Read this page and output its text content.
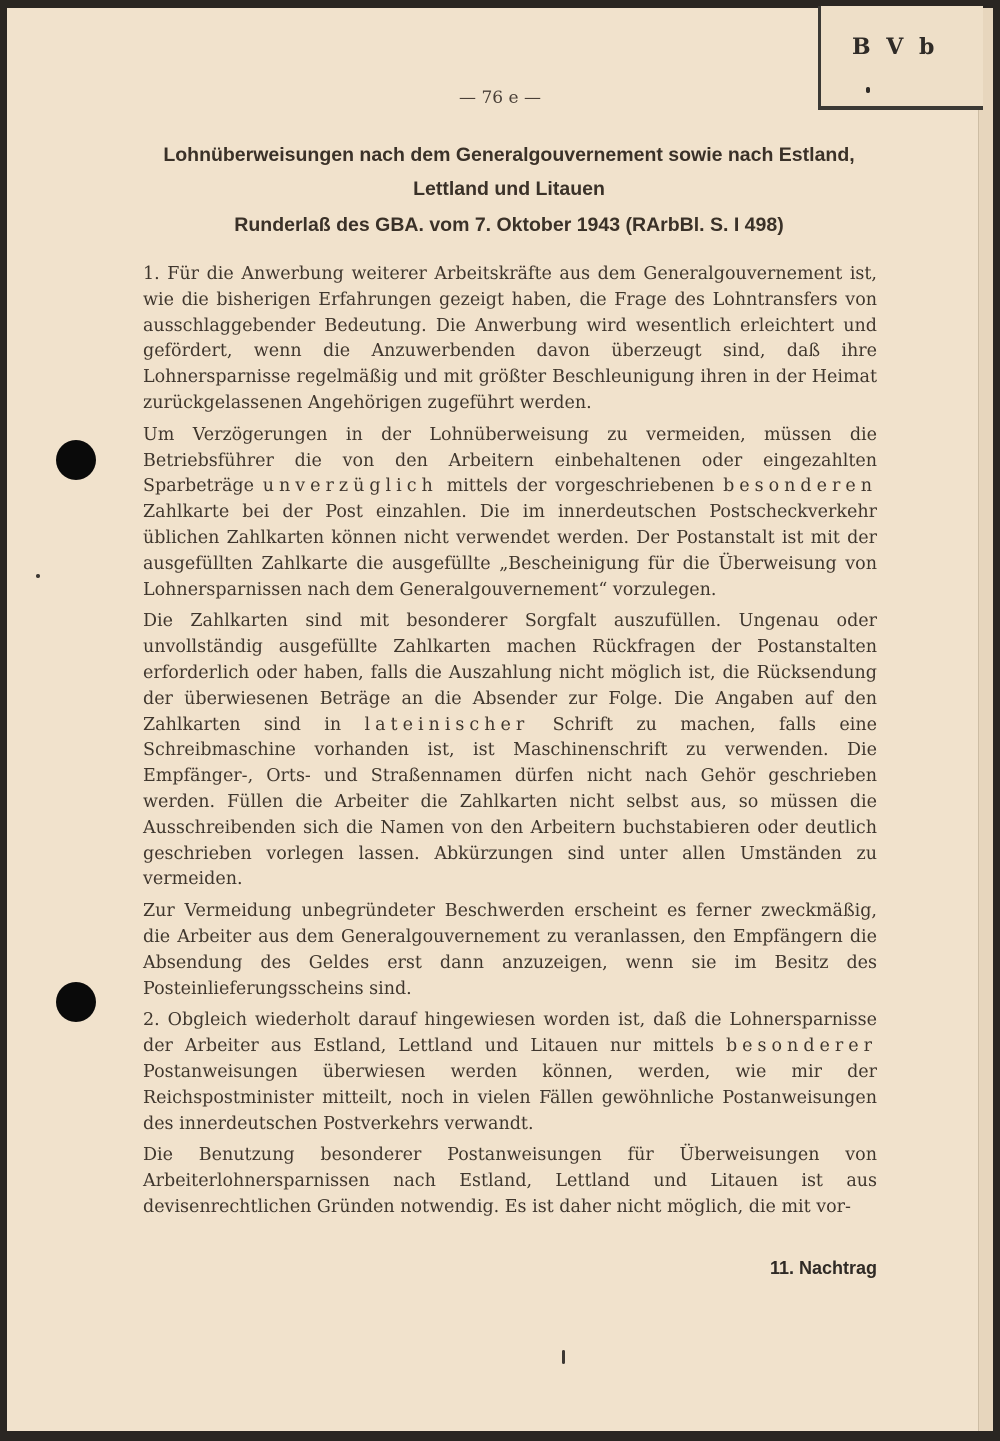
B V b
— 76 e —
Lohnüberweisungen nach dem Generalgouvernement sowie nach Estland,
Lettland und Litauen
Runderlaß des GBA. vom 7. Oktober 1943 (RArbBl. S. I 498)

1. Für die Anwerbung weiterer Arbeitskräfte aus dem Generalgouvernement ist, wie die bisherigen Erfahrungen gezeigt haben, die Frage des Lohntransfers von ausschlaggebender Bedeutung. Die Anwerbung wird wesentlich erleichtert und gefördert, wenn die Anzuwerbenden davon überzeugt sind, daß ihre Lohnersparnisse regelmäßig und mit größter Beschleunigung ihren in der Heimat zurückgelassenen Angehörigen zugeführt werden.

Um Verzögerungen in der Lohnüberweisung zu vermeiden, müssen die Betriebsführer die von den Arbeitern einbehaltenen oder eingezahlten Sparbeträge unverzüglich mittels der vorgeschriebenen besonderen Zahlkarte bei der Post einzahlen. Die im innerdeutschen Postscheckverkehr üblichen Zahlkarten können nicht verwendet werden. Der Postanstalt ist mit der ausgefüllten Zahlkarte die ausgefüllte „Bescheinigung für die Überweisung von Lohnersparnissen nach dem Generalgouvernement“ vorzulegen.

Die Zahlkarten sind mit besonderer Sorgfalt auszufüllen. Ungenau oder unvollständig ausgefüllte Zahlkarten machen Rückfragen der Postanstalten erforderlich oder haben, falls die Auszahlung nicht möglich ist, die Rücksendung der überwiesenen Beträge an die Absender zur Folge. Die Angaben auf den Zahlkarten sind in lateinischer Schrift zu machen, falls eine Schreibmaschine vorhanden ist, ist Maschinenschrift zu verwenden. Die Empfänger-, Orts- und Straßennamen dürfen nicht nach Gehör geschrieben werden. Füllen die Arbeiter die Zahlkarten nicht selbst aus, so müssen die Ausschreibenden sich die Namen von den Arbeitern buchstabieren oder deutlich geschrieben vorlegen lassen. Abkürzungen sind unter allen Umständen zu vermeiden.

Zur Vermeidung unbegründeter Beschwerden erscheint es ferner zweckmäßig, die Arbeiter aus dem Generalgouvernement zu veranlassen, den Empfängern die Absendung des Geldes erst dann anzuzeigen, wenn sie im Besitz des Posteinlieferungsscheins sind.

2. Obgleich wiederholt darauf hingewiesen worden ist, daß die Lohnersparnisse der Arbeiter aus Estland, Lettland und Litauen nur mittels besonderer Postanweisungen überwiesen werden können, werden, wie mir der Reichspostminister mitteilt, noch in vielen Fällen gewöhnliche Postanweisungen des innerdeutschen Postverkehrs verwandt.

Die Benutzung besonderer Postanweisungen für Überweisungen von Arbeiterlohnersparnissen nach Estland, Lettland und Litauen ist aus devisenrechtlichen Gründen notwendig. Es ist daher nicht möglich, die mit vor-

11. Nachtrag
